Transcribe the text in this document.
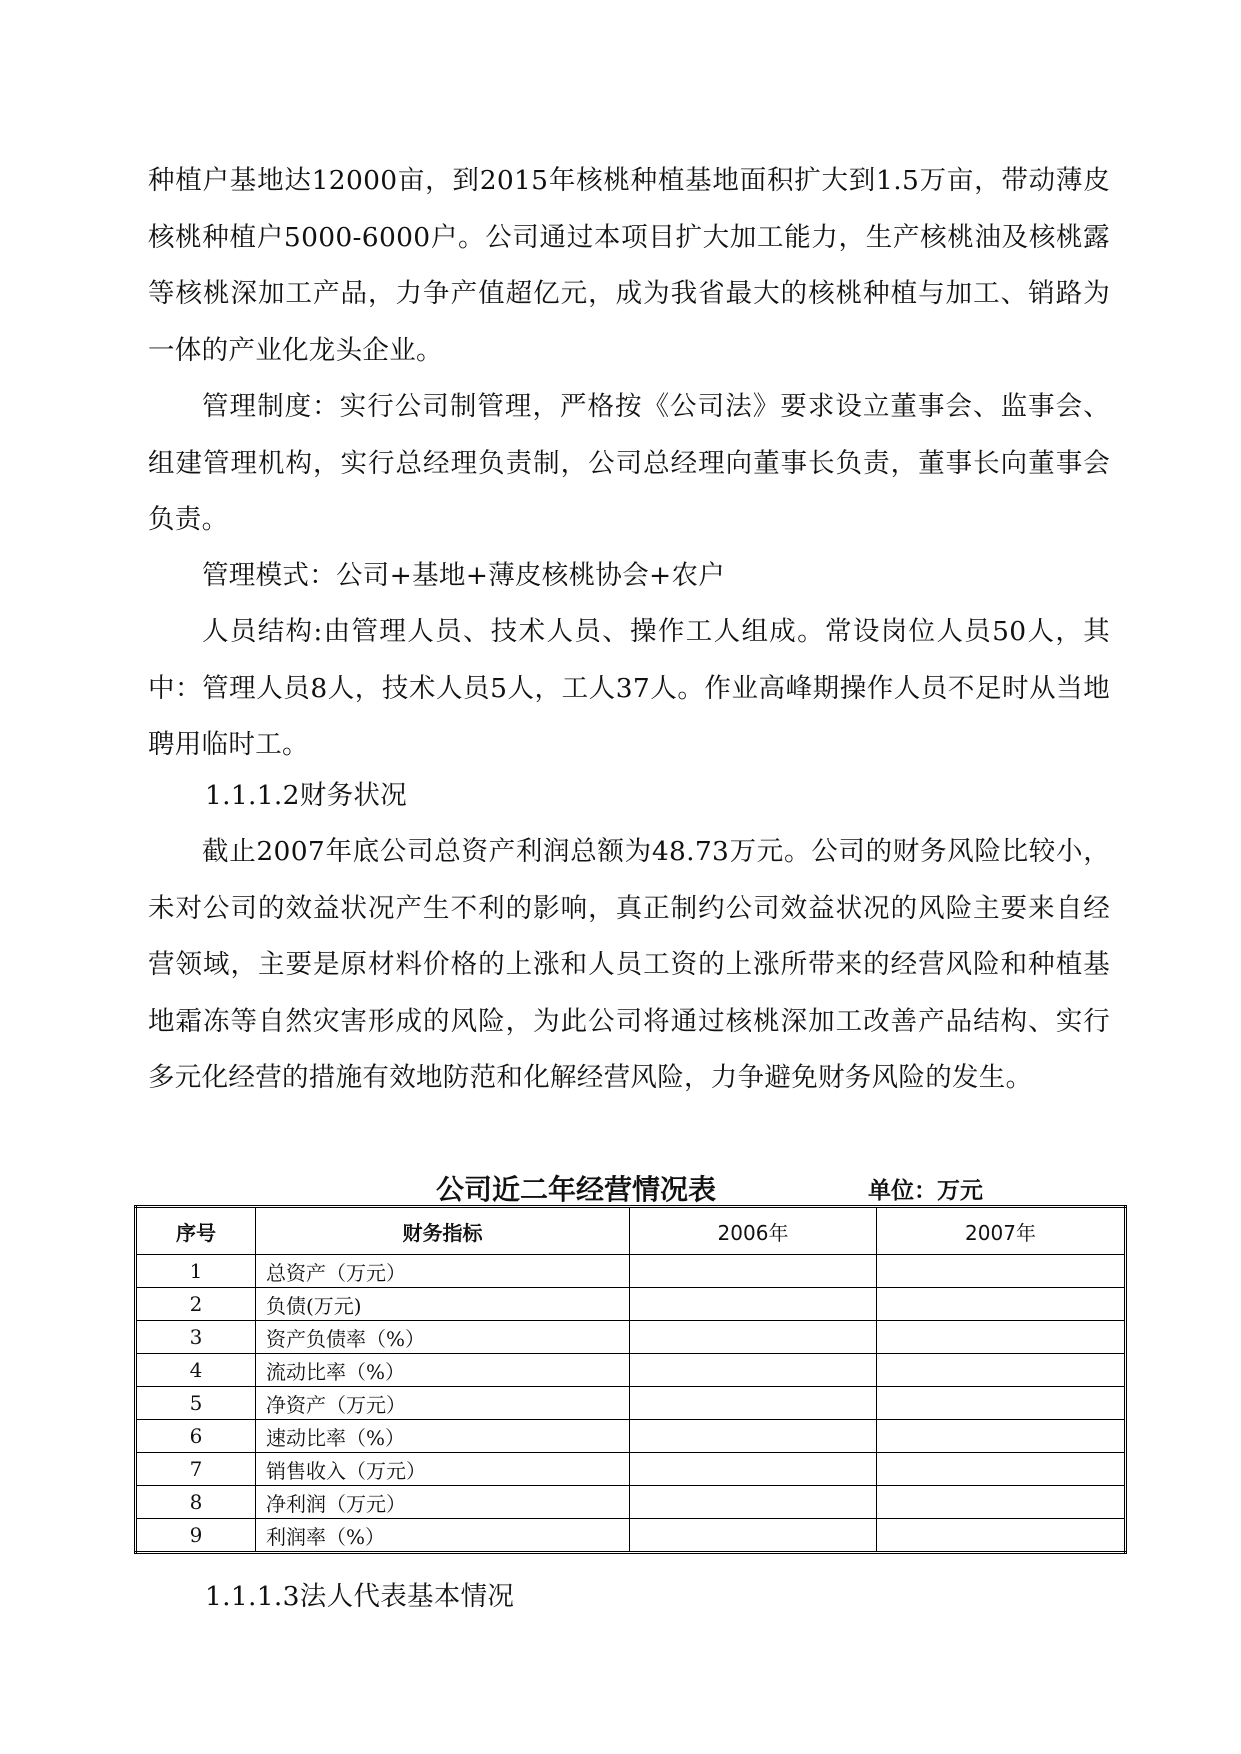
种植户基地达12000亩，到2015年核桃种植基地面积扩大到1.5万亩，带动薄皮核桃种植户5000-6000户。公司通过本项目扩大加工能力，生产核桃油及核桃露等核桃深加工产品，力争产值超亿元，成为我省最大的核桃种植与加工、销路为一体的产业化龙头企业。

管理制度：实行公司制管理，严格按《公司法》要求设立董事会、监事会、组建管理机构，实行总经理负责制，公司总经理向董事长负责，董事长向董事会负责。

管理模式：公司+基地+薄皮核桃协会+农户

人员结构:由管理人员、技术人员、操作工人组成。常设岗位人员50人，其中：管理人员8人，技术人员5人，工人37人。作业高峰期操作人员不足时从当地聘用临时工。

1.1.1.2财务状况

截止2007年底公司总资产利润总额为48.73万元。公司的财务风险比较小，未对公司的效益状况产生不利的影响，真正制约公司效益状况的风险主要来自经营领域，主要是原材料价格的上涨和人员工资的上涨所带来的经营风险和种植基地霜冻等自然灾害形成的风险，为此公司将通过核桃深加工改善产品结构、实行多元化经营的措施有效地防范和化解经营风险，力争避免财务风险的发生。

公司近二年经营情况表	单位：万元
序号	财务指标	2006年	2007年
1	总资产（万元）		
2	负债(万元)		
3	资产负债率（%）		
4	流动比率（%）		
5	净资产（万元）		
6	速动比率（%）		
7	销售收入（万元）		
8	净利润（万元）		
9	利润率（%）		

1.1.1.3法人代表基本情况
